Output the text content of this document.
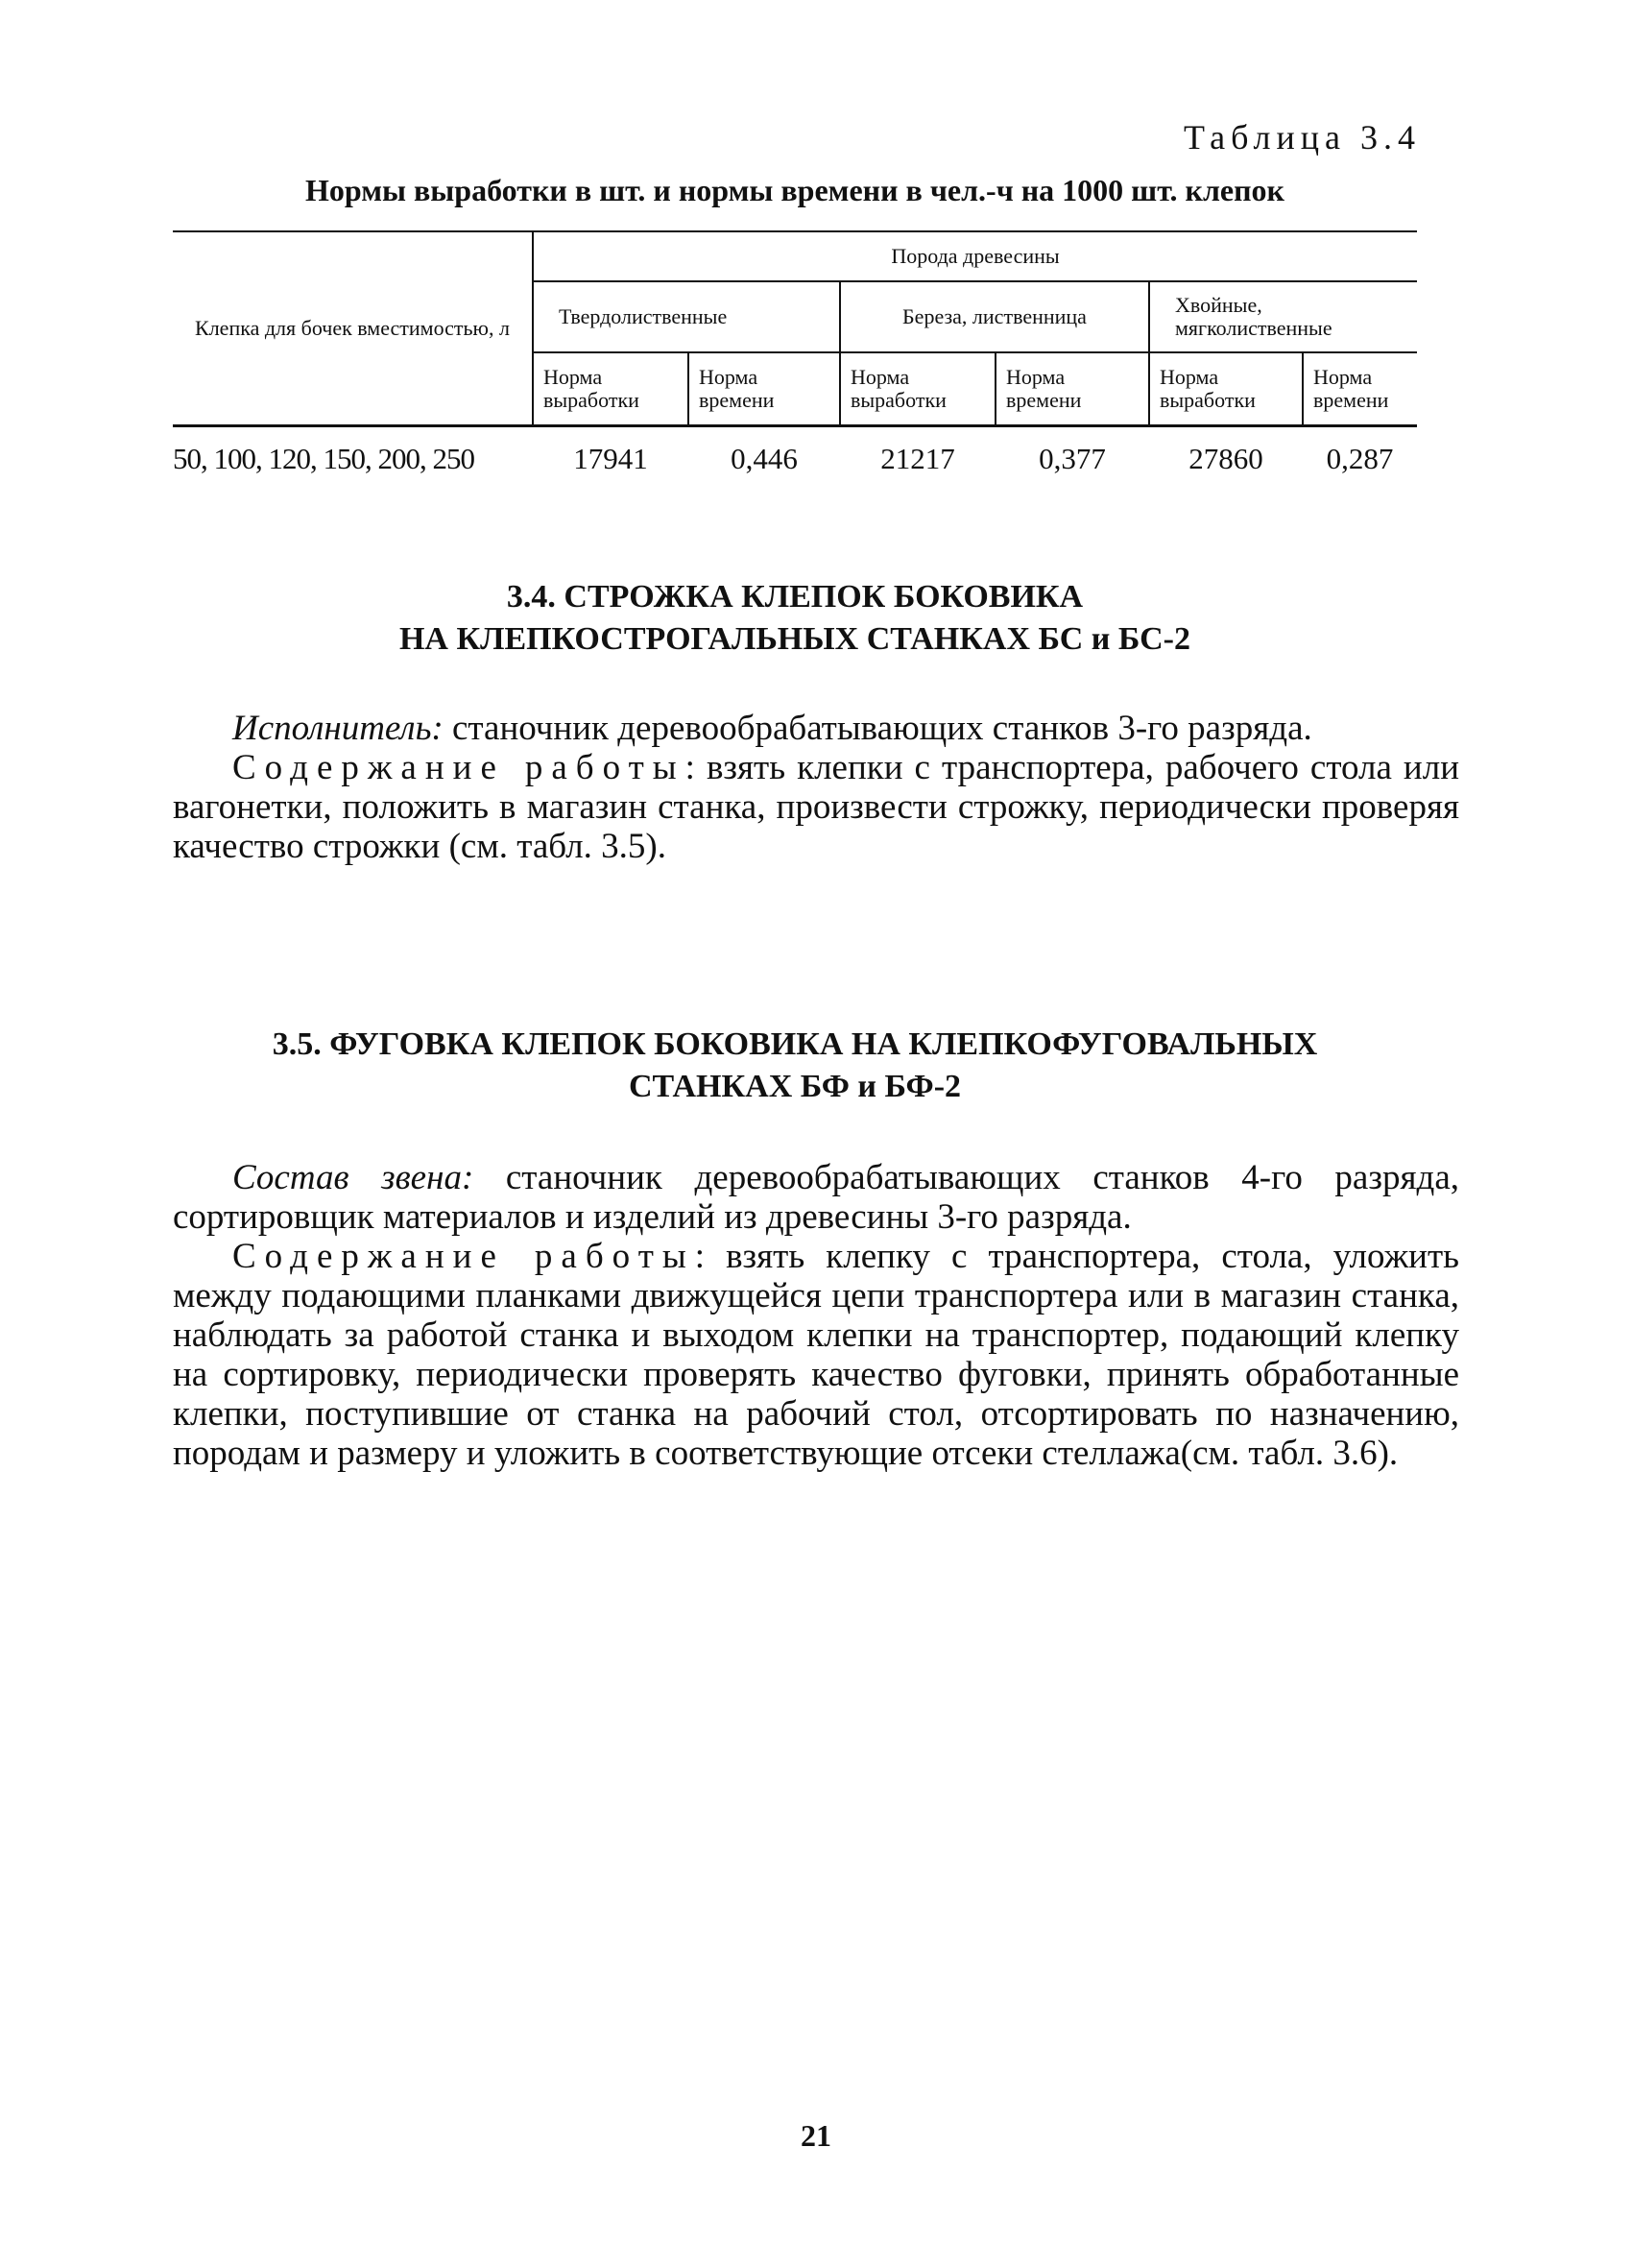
Таблица 3.4
Нормы выработки в шт. и нормы времени в чел.-ч на 1000 шт. клепок
Клепка для бочек вместимостью, л	Порода древесины					
	Твердолиственные		Береза, лиственница		Хвойные, мягколиственные	
	Норма выработки	Норма времени	Норма выработки	Норма времени	Норма выработки	Норма времени
50, 100, 120, 150, 200, 250	17941	0,446	21217	0,377	27860	0,287
3.4. СТРОЖКА КЛЕПОК БОКОВИКА
НА КЛЕПКОСТРОГАЛЬНЫХ СТАНКАХ БС и БС-2

Исполнитель: станочник деревообрабатывающих станков 3-го разряда.

Содержание работы: взять клепки с транспортера, рабочего стола или вагонетки, положить в магазин станка, произвести строжку, периодически проверяя качество строжки (см. табл. 3.5).

3.5. ФУГОВКА КЛЕПОК БОКОВИКА НА КЛЕПКОФУГОВАЛЬНЫХ
СТАНКАХ БФ и БФ-2

Состав звена: станочник деревообрабатывающих станков 4-го разряда, сортировщик материалов и изделий из древесины 3-го разряда.

Содержание работы: взять клепку с транспортера, стола, уложить между подающими планками движущейся цепи транспортера или в магазин станка, наблюдать за работой станка и выходом клепки на транспортер, подающий клепку на сортировку, периодически проверять качество фуговки, принять обработанные клепки, поступившие от станка на рабочий стол, отсортировать по назначению, породам и размеру и уложить в соответствующие отсеки стеллажа(см. табл. 3.6).

21
